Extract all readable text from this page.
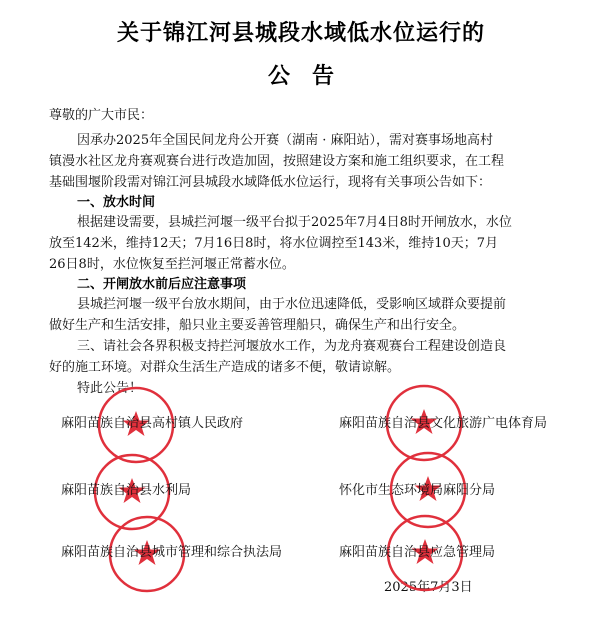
关于锦江河县城段水域低水位运行的
公告
尊敬的广大市民：
因承办2025年全国民间龙舟公开赛（湖南 · 麻阳站），需对赛事场地高村
镇漫水社区龙舟赛观赛台进行改造加固，按照建设方案和施工组织要求，在工程
基础围堰阶段需对锦江河县城段水域降低水位运行，现将有关事项公告如下：
一、放水时间
根据建设需要，县城拦河堰一级平台拟于2025年7月4日8时开闸放水，水位
放至142米，维持12天；7月16日8时，将水位调控至143米，维持10天；7月
26日8时，水位恢复至拦河堰正常蓄水位。
二、开闸放水前后应注意事项
县城拦河堰一级平台放水期间，由于水位迅速降低，受影响区域群众要提前
做好生产和生活安排，船只业主要妥善管理船只，确保生产和出行安全。
三、请社会各界积极支持拦河堰放水工作，为龙舟赛观赛台工程建设创造良
好的施工环境。对群众生活生产造成的诸多不便，敬请谅解。
特此公告！
麻阳苗族自治县高村镇人民政府	麻阳苗族自治县文化旅游广电体育局
麻阳苗族自治县水利局	怀化市生态环境局麻阳分局
麻阳苗族自治县城市管理和综合执法局	麻阳苗族自治县应急管理局
2025年7月3日
